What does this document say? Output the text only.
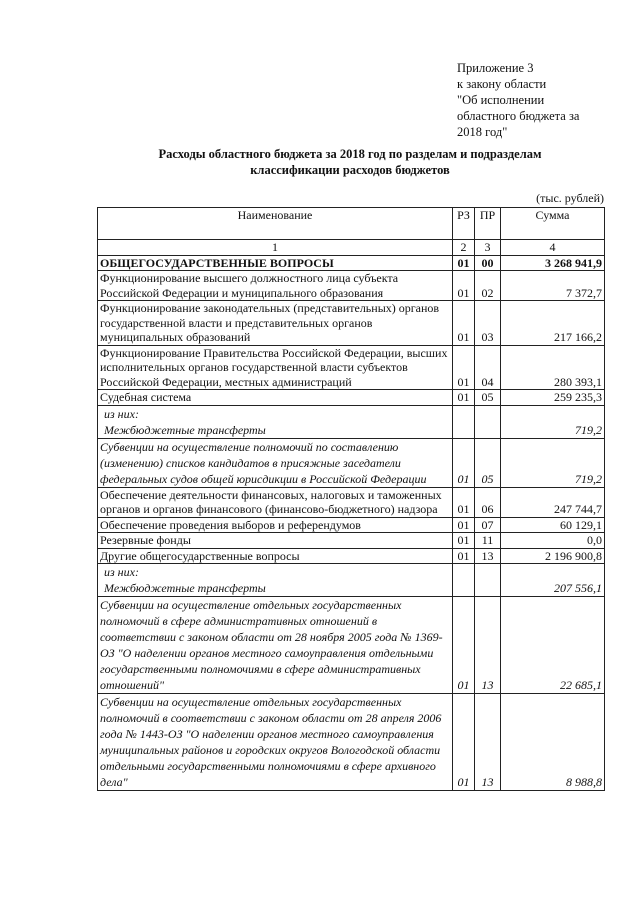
Приложение 3
к закону области
"Об исполнении
областного бюджета за
2018 год"
Расходы областного бюджета за 2018 год по разделам и подразделам
классификации расходов бюджетов
(тыс. рублей)
Наименование	РЗ	ПР	Сумма
1	2	3	4
ОБЩЕГОСУДАРСТВЕННЫЕ ВОПРОСЫ	01	00	3 268 941,9
Функционирование высшего должностного лица субъекта Российской Федерации и муниципального образования	01	02	7 372,7
Функционирование законодательных (представительных) органов государственной власти и представительных органов муниципальных образований	01	03	217 166,2
Функционирование Правительства Российской Федерации, высших исполнительных органов государственной власти субъектов Российской Федерации, местных администраций	01	04	280 393,1
Судебная система	01	05	259 235,3

из них:
Межбюджетные трансферты			719,2
Субвенции на осуществление полномочий по составлению (изменению) списков кандидатов в присяжные заседатели федеральных судов общей юрисдикции в Российской Федерации	01	05	719,2
Обеспечение деятельности финансовых, налоговых и таможенных органов и органов финансового (финансово-бюджетного) надзора	01	06	247 744,7
Обеспечение проведения выборов и референдумов	01	07	60 129,1
Резервные фонды	01	11	0,0
Другие общегосударственные вопросы	01	13	2 196 900,8

из них:
Межбюджетные трансферты			207 556,1
Субвенции на осуществление отдельных государственных полномочий в сфере административных отношений в соответствии с законом области от 28 ноября 2005 года № 1369-ОЗ "О наделении органов местного самоуправления отдельными государственными полномочиями в сфере административных отношений"	01	13	22 685,1
Субвенции на осуществление отдельных государственных полномочий в соответствии с законом области от 28 апреля 2006 года № 1443-ОЗ "О наделении органов местного самоуправления муниципальных районов и городских округов Вологодской области отдельными государственными полномочиями в сфере архивного дела"	01	13	8 988,8
